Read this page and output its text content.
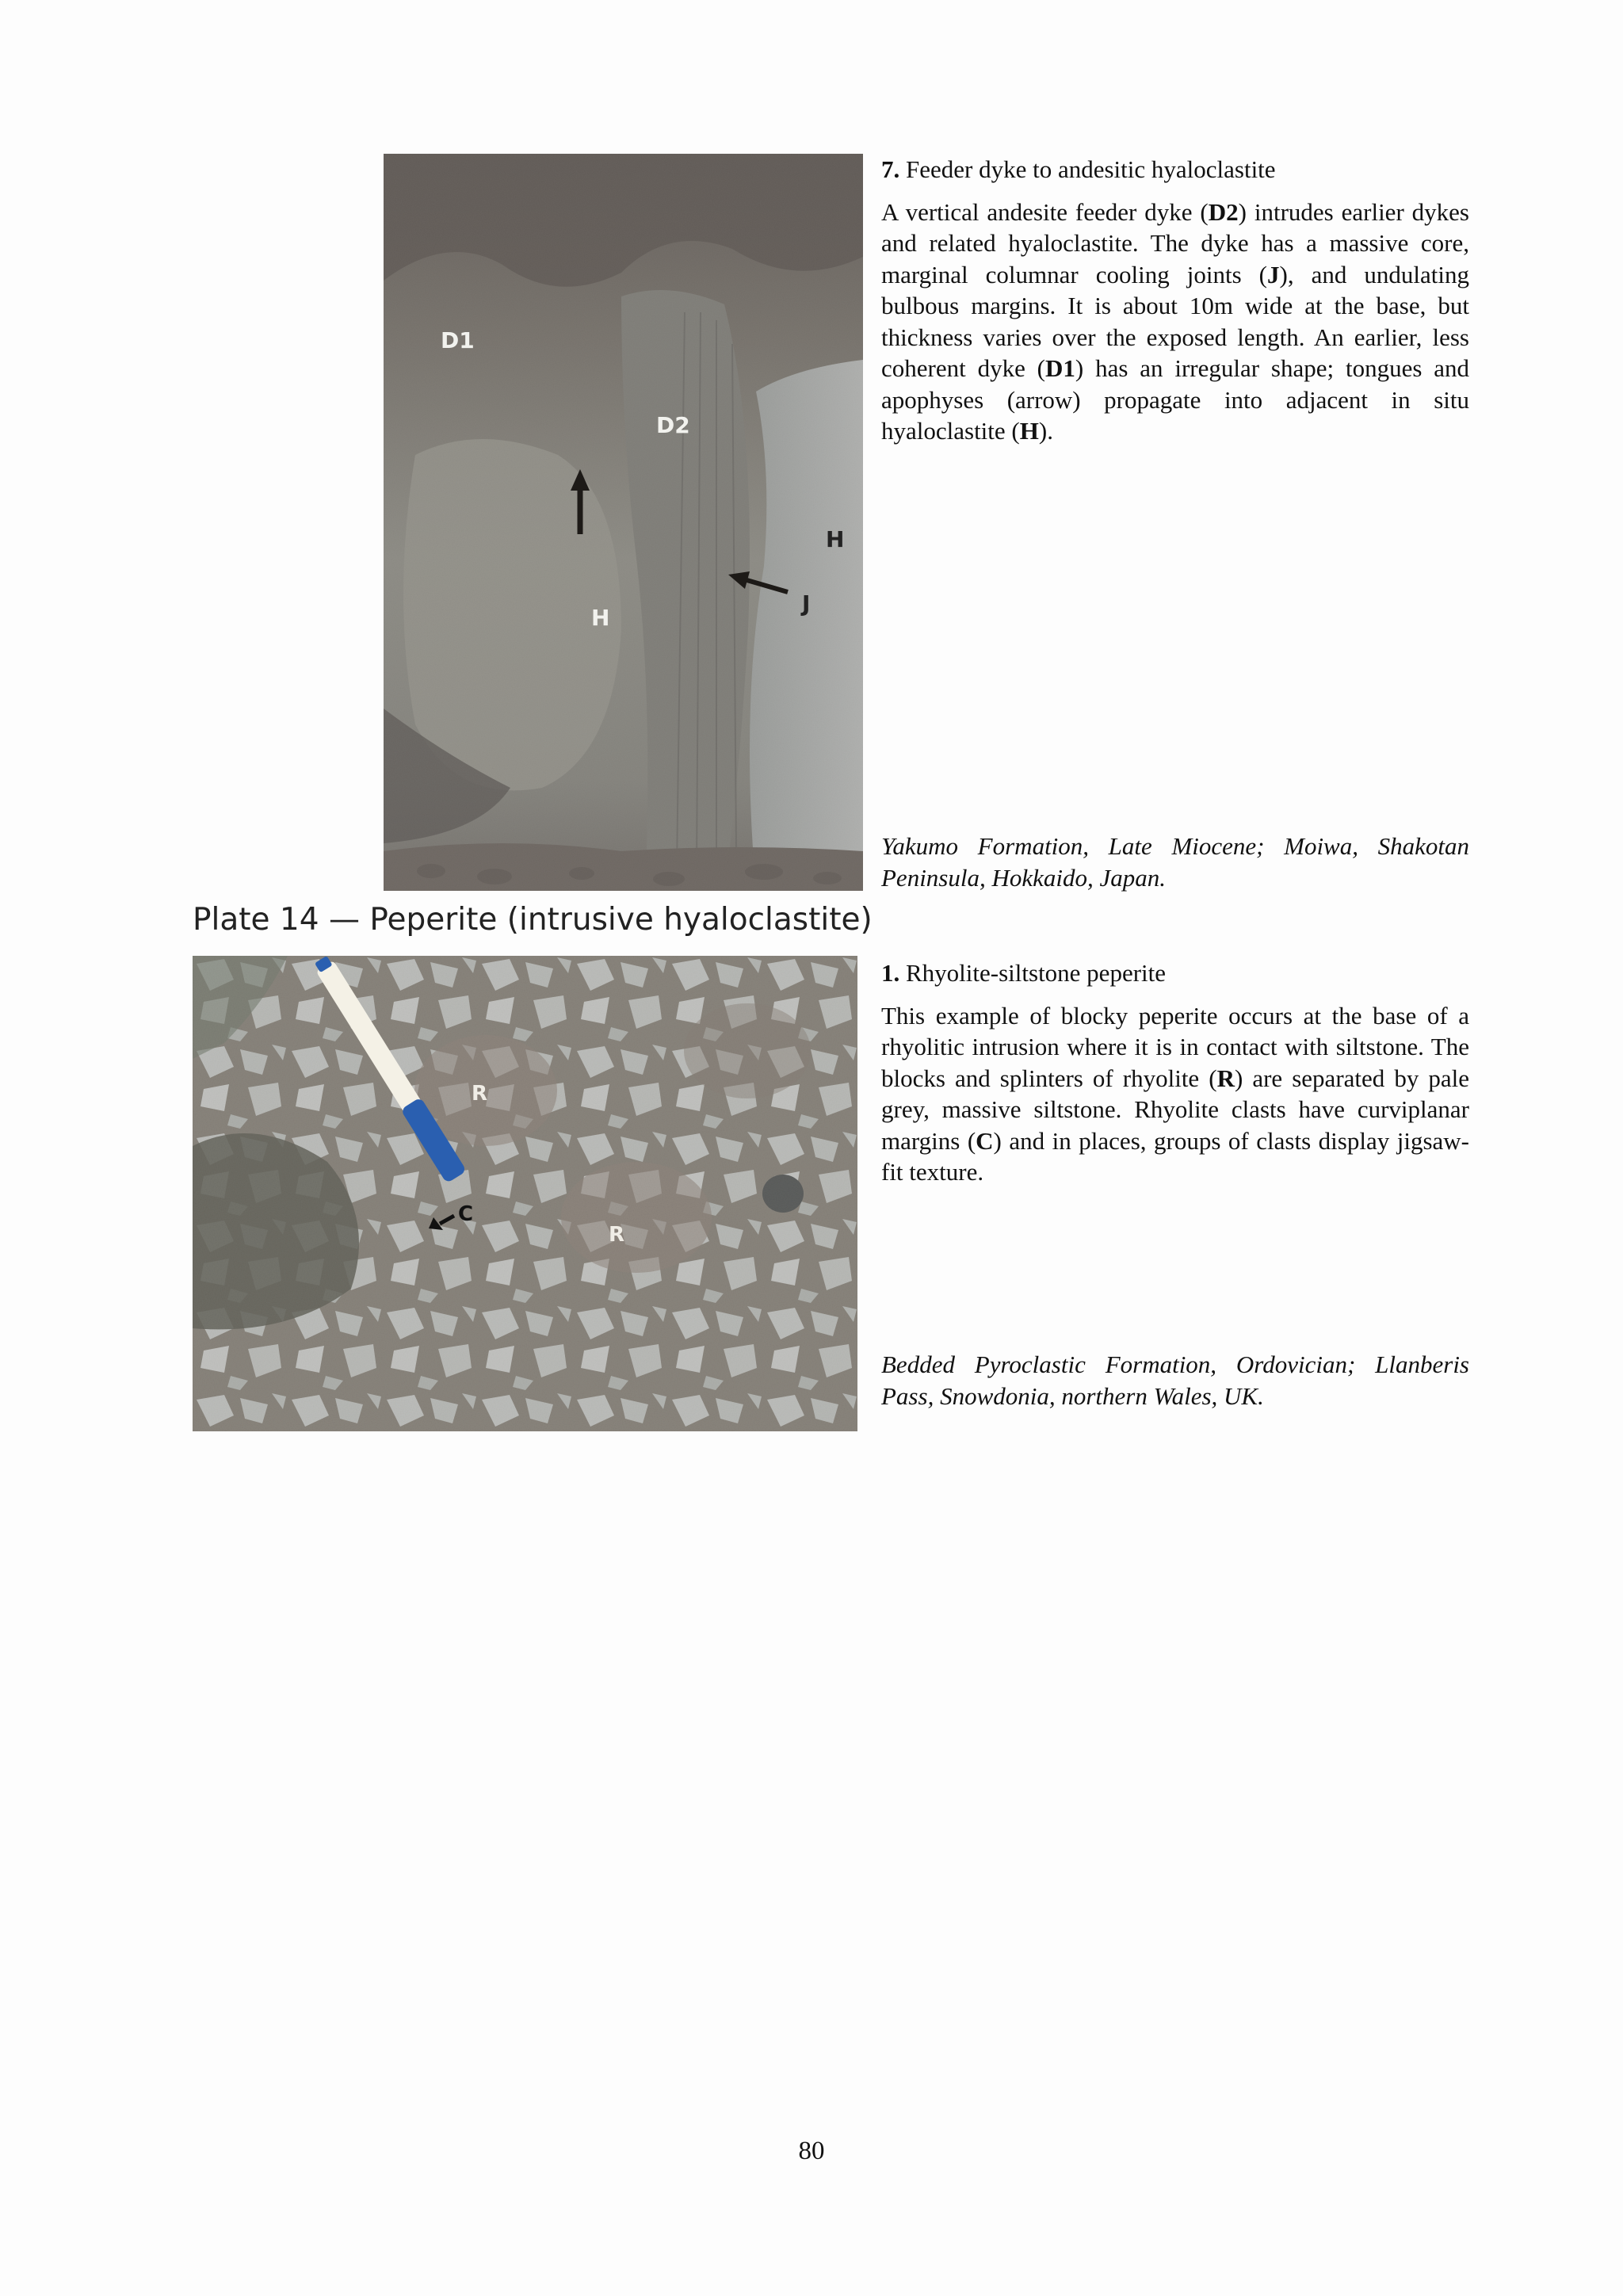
D1
D2
H
J
H

7. Feeder dyke to andesitic hyaloclastite

A vertical andesite feeder dyke (D2) intrudes earlier dykes and related hyaloclastite. The dyke has a massive core, marginal columnar cooling joints (J), and undulating bulbous margins. It is about 10m wide at the base, but thickness varies over the exposed length. An earlier, less coherent dyke (D1) has an irregular shape; tongues and apophyses (arrow) propagate into adjacent in situ hyaloclastite (H).

Yakumo Formation, Late Miocene; Moiwa, Shakotan Peninsula, Hokkaido, Japan.
Plate 14 — Peperite (intrusive hyaloclastite)
R
C
R

1. Rhyolite-siltstone peperite

This example of blocky peperite occurs at the base of a rhyolitic intrusion where it is in contact with siltstone. The blocks and splinters of rhyolite (R) are separated by pale grey, massive siltstone. Rhyolite clasts have curviplanar margins (C) and in places, groups of clasts display jigsaw-fit texture.

Bedded Pyroclastic Formation, Ordovician; Llanberis Pass, Snowdonia, northern Wales, UK.
80
